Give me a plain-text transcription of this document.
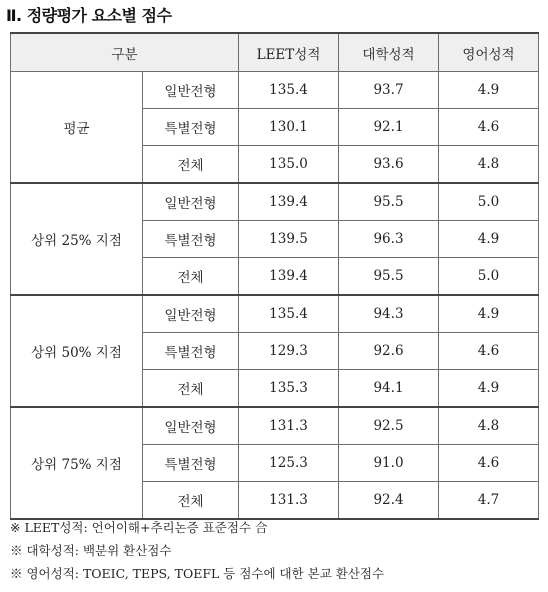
Ⅱ. 정량평가 요소별 점수
구분		LEET성적	대학성적	영어성적
평균	일반전형	135.4	93.7	4.9
	특별전형	130.1	92.1	4.6
	전체	135.0	93.6	4.8
상위 25% 지점	일반전형	139.4	95.5	5.0
	특별전형	139.5	96.3	4.9
	전체	139.4	95.5	5.0
상위 50% 지점	일반전형	135.4	94.3	4.9
	특별전형	129.3	92.6	4.6
	전체	135.3	94.1	4.9
상위 75% 지점	일반전형	131.3	92.5	4.8
	특별전형	125.3	91.0	4.6
	전체	131.3	92.4	4.7
※ LEET성적: 언어이해+추리논증 표준점수 合
※ 대학성적: 백분위 환산점수
※ 영어성적: TOEIC, TEPS, TOEFL 등 점수에 대한 본교 환산점수
